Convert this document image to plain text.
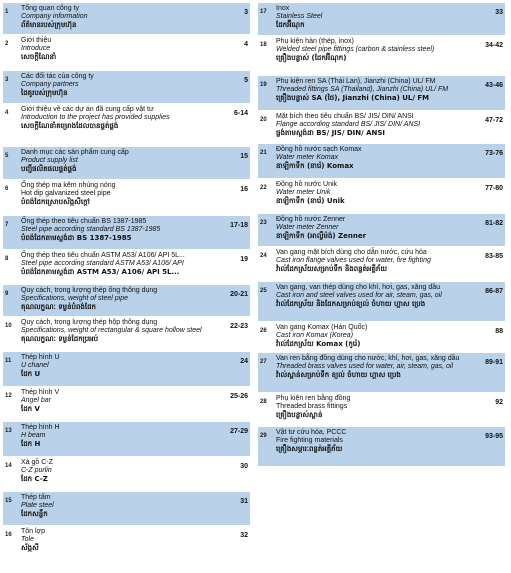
1 Tổng quan công ty
Company information
ព័ត៌មានរបស់ក្រុមហ៊ុន
3
2 Giới thiệu
Introduce
សេចក្តីណែនាំ
4
3 Các đối tác của công ty
Company partners
ដៃគូរបស់ក្រុមហ៊ុន
5
4 Giới thiệu về các dự án đã cung cấp vật tư
Introduction to the project has provided supplies
សេចក្តីណែនាំគម្រោងដែលបានផ្គត់ផ្គង់
6-14
5 Danh mục các sản phẩm cung cấp
Product supply list
បញ្ជីផលិតផលផ្គត់ផ្គង់
15
6 Ống thép mạ kẽm nhúng nóng
Hot dip galvanized steel pipe
បំពង់ដែកស្រោបស័ង្កសីក្តៅ
16
7 Ống thép theo tiêu chuẩn BS 1387-1985
Steel pipe according standard BS 1387-1985
បំពង់ដែកតាមស្តង់ដា BS 1387-1985
17-18
8 Ống thép theo tiêu chuẩn ASTM A53/ A106/ API 5L...
Steel pipe according standard ASTM A53/ A106/ API
បំពង់ដែកតាមស្តង់ដា ASTM A53/ A106/ API 5L...
19
9 Quy cách, trọng lượng thép ống thông dụng
Specifications, weight of steel pipe
គុណលក្ខណៈ ទម្ងន់បំពង់ដែក
20-21
10 Quy cách, trọng lượng thép hộp thông dụng
Specifications, weight of rectangular & square hollow steel
គុណលក្ខណៈ ទម្ងន់ដែកប្រអប់
22-23
11 Thép hình U
U chanel
ដែក U
24
12 Thép hình V
Angel bar
ដែក V
25-26
13 Thép hình H
H beam
ដែក H
27-29
14 Xà gồ C-Z
C-Z purlin
ដែក C-Z
30
15 Thép tấm
Plate steel
ដែកសន្លឹក
31
16 Tôn lợp
Tole
ស័ង្កសី
32
17 Inox
Stainless Steel
ដែកអ៊ីណុក
33
18 Phụ kiện hàn (thép, inox)
Welded steel pipe fittings (carbon & stainless steel)
គ្រឿងបន្លាស់ (ដែកអ៊ីណុក)
34-42
19 Phụ kiện ren SA (Thái Lan), Jianzhi (China) UL/ FM
Threaded fittings SA (Thailand), Jianzhi (China) UL/ FM
គ្រឿងបន្លាស់ SA (ថៃ), Jianzhi (China) UL/ FM
43-46
20 Mặt bích theo tiêu chuẩn BS/ JIS/ DIN/ ANSI
Flange according standard BS/ JIS/ DIN/ ANSI
ផ្លង់តាមស្តង់ដា BS/ JIS/ DIN/ ANSI
47-72
21 Đồng hồ nước sạch Komax
Water meter Komax
នាឡិកាទឹក (ខារ៉េ) Komax
73-76
22 Đồng hồ nước Unik
Water meter Unik
នាឡិកាទឹក (ខារ៉េ) Unik
77-80
23 Đồng hồ nước Zenner
Water meter Zenner
នាឡិកាទឹក (អាល្លឺម៉ង់) Zenner
81-82
24 Van gang mặt bích dùng cho dẫn nước, cứu hỏa
Cast iron flange valves used for water, fire fighting
វ៉ាល់ដែកស្រ័យសម្រាប់ទឹក និងពន្លត់អគ្គីភ័យ
83-85
25 Van gang, van thép dùng cho khí, hơi, gas, xăng dầu
Cast iron and steel valves used for air, steam, gas, oil
វ៉ាល់ដែកស្រ័យ និងដែកសម្រាប់ខ្យល់ ចំហាយ ហ្គាស ប្រេង
86-87
26 Van gang Komax (Hàn Quốc)
Cast iron Komax (Korea)
វ៉ាល់ដែកស្រ័យ Komax (កូរ៉េ)
88
27 Van ren bằng đồng dùng cho nước, khí, hơi, gas, xăng dầu
Threaded brass valves used for water, air, steam, gas, oil
វ៉ាល់ស្ពាន់សម្រាប់ទឹក ខ្យល់ ចំហាយ ហ្គាស ប្រេង
89-91
28 Phụ kiện ren bằng đồng
Threaded brass fittings
គ្រឿងបន្លាស់ស្ពាន់
92
29 Vật tư cứu hỏa, PCCC
Fire fighting materials
គ្រឿងសម្ភារៈពន្លត់អគ្គីភ័យ
93-95
